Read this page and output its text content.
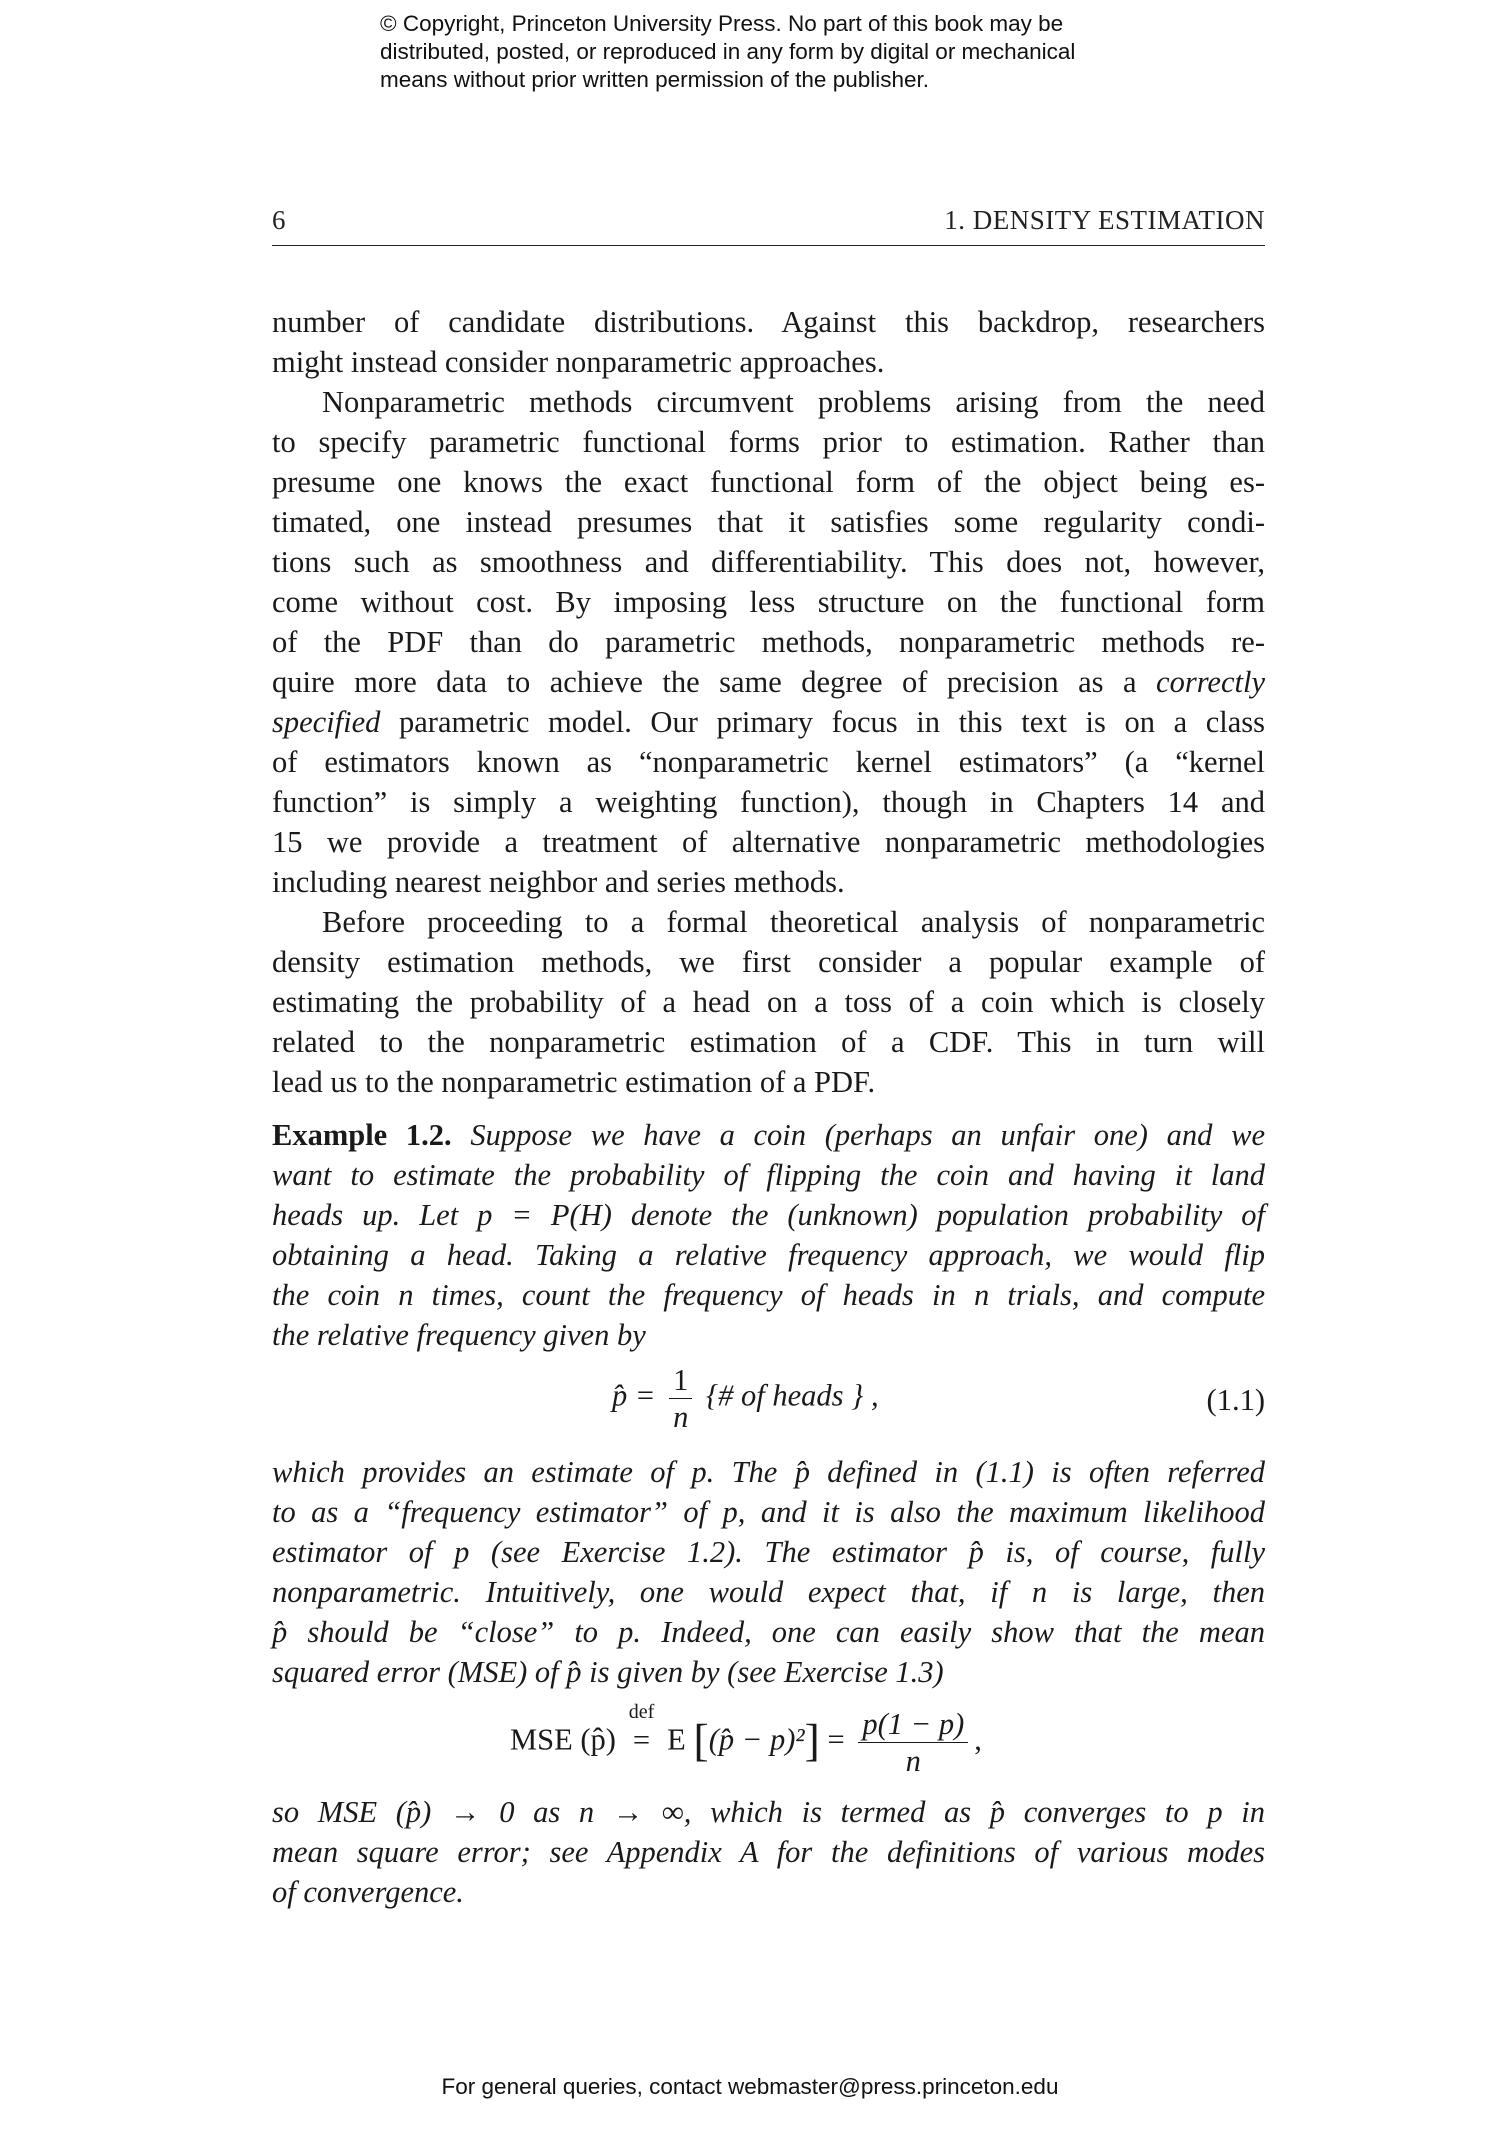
© Copyright, Princeton University Press. No part of this book may be
distributed, posted, or reproduced in any form by digital or mechanical
means without prior written permission of the publisher.
6	1. DENSITY ESTIMATION
number of candidate distributions. Against this backdrop, researchers
might instead consider nonparametric approaches.
Nonparametric methods circumvent problems arising from the need
to specify parametric functional forms prior to estimation. Rather than
presume one knows the exact functional form of the object being es-
timated, one instead presumes that it satisfies some regularity condi-
tions such as smoothness and differentiability. This does not, however,
come without cost. By imposing less structure on the functional form
of the PDF than do parametric methods, nonparametric methods re-
quire more data to achieve the same degree of precision as a correctly
specified parametric model. Our primary focus in this text is on a class
of estimators known as “nonparametric kernel estimators” (a “kernel
function” is simply a weighting function), though in Chapters 14 and
15 we provide a treatment of alternative nonparametric methodologies
including nearest neighbor and series methods.
Before proceeding to a formal theoretical analysis of nonparametric
density estimation methods, we first consider a popular example of
estimating the probability of a head on a toss of a coin which is closely
related to the nonparametric estimation of a CDF. This in turn will
lead us to the nonparametric estimation of a PDF.
Example 1.2. Suppose we have a coin (perhaps an unfair one) and we
want to estimate the probability of flipping the coin and having it land
heads up. Let p = P(H) denote the (unknown) population probability of
obtaining a head. Taking a relative frequency approach, we would flip
the coin n times, count the frequency of heads in n trials, and compute
the relative frequency given by
p̂ = $\frac{1}{n}$ {# of heads } ,	(1.1)
which provides an estimate of p. The p̂ defined in (1.1) is often referred
to as a “frequency estimator” of p, and it is also the maximum likelihood
estimator of p (see Exercise 1.2). The estimator p̂ is, of course, fully
nonparametric. Intuitively, one would expect that, if n is large, then
p̂ should be “close” to p. Indeed, one can easily show that the mean
squared error (MSE) of p̂ is given by (see Exercise 1.3)
MSE (p̂)
def
= E [(p̂ − $p)^2] = \frac{p(1 - p)}{n}$ ,
so MSE (p̂) → 0 as n → ∞, which is termed as p̂ converges to p in
mean square error; see Appendix A for the definitions of various modes
of convergence.
For general queries, contact webmaster@press.princeton.edu
